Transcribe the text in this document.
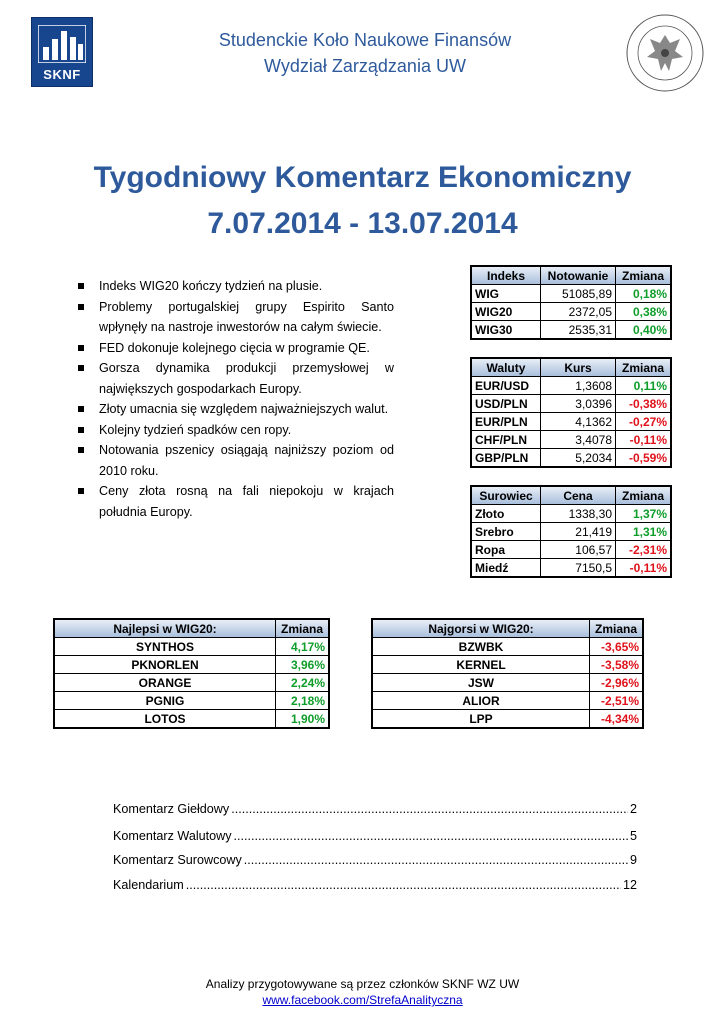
SKNF
Studenckie Koło Naukowe Finansów
Wydział Zarządzania UW
Tygodniowy Komentarz Ekonomiczny
7.07.2014 - 13.07.2014
Indeks WIG20 kończy tydzień na plusie.
Problemy portugalskiej grupy Espirito Santo wpłynęły na nastroje inwestorów na całym świecie.
FED dokonuje kolejnego cięcia w programie QE.
Gorsza dynamika produkcji przemysłowej w największych gospodarkach Europy.
Złoty umacnia się względem najważniejszych walut.
Kolejny tydzień spadków cen ropy.
Notowania pszenicy osiągają najniższy poziom od 2010 roku.
Ceny złota rosną na fali niepokoju w krajach południa Europy.
Indeks	Notowanie	Zmiana
WIG	51085,89	0,18%
WIG20	2372,05	0,38%
WIG30	2535,31	0,40%
Waluty	Kurs	Zmiana
EUR/USD	1,3608	0,11%
USD/PLN	3,0396	-0,38%
EUR/PLN	4,1362	-0,27%
CHF/PLN	3,4078	-0,11%
GBP/PLN	5,2034	-0,59%
Surowiec	Cena	Zmiana
Złoto	1338,30	1,37%
Srebro	21,419	1,31%
Ropa	106,57	-2,31%
Miedź	7150,5	-0,11%
Najlepsi w WIG20:	Zmiana
SYNTHOS	4,17%
PKNORLEN	3,96%
ORANGE	2,24%
PGNIG	2,18%
LOTOS	1,90%
Najgorsi w WIG20:	Zmiana
BZWBK	-3,65%
KERNEL	-3,58%
JSW	-2,96%
ALIOR	-2,51%
LPP	-4,34%
Komentarz Giełdowy .....	2
Komentarz Walutowy .....	5
Komentarz Surowcowy .....	9
Kalendarium .....	12
Analizy przygotowywane są przez członków SKNF WZ UW
www.facebook.com/StrefaAnalityczna
